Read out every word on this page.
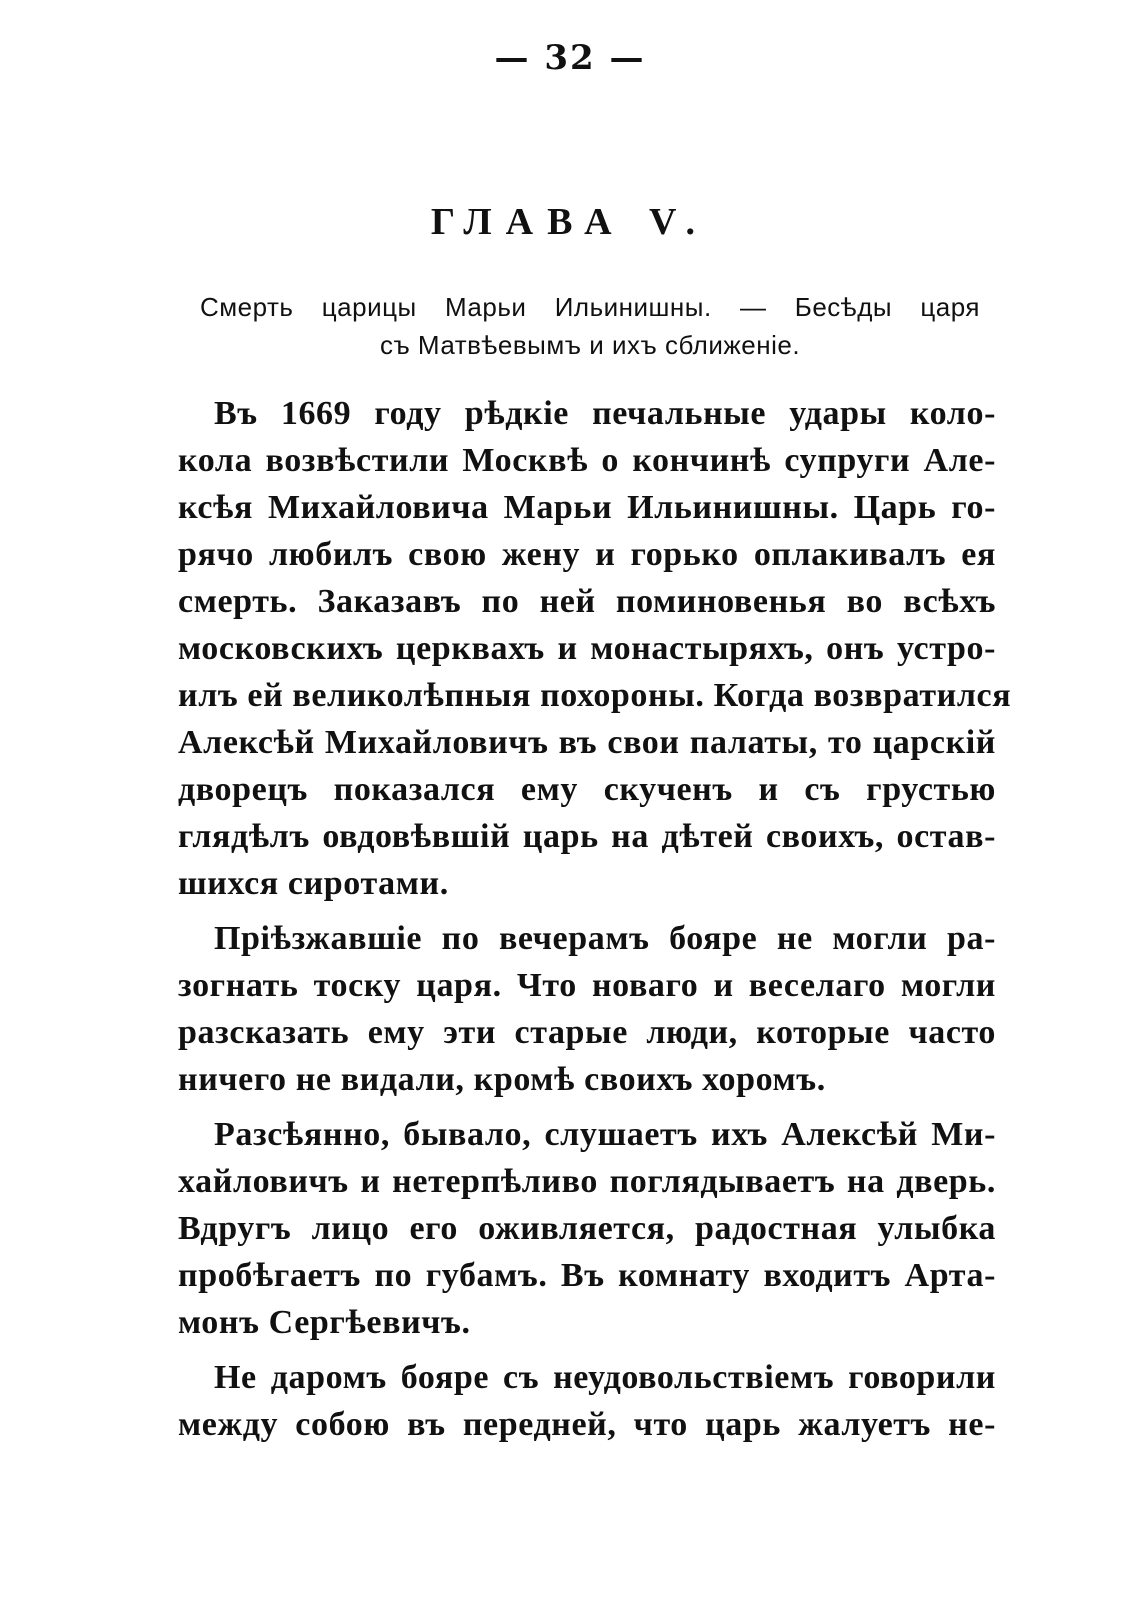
— 32 —
ГЛАВА V.
Смерть царицы Марьи Ильинишны. — Бесѣды царя
съ Матвѣевымъ и ихъ сближеніе.
Въ 1669 году рѣдкіе печальные удары коло-
кола возвѣстили Москвѣ о кончинѣ супруги Але-
ксѣя Михайловича Марьи Ильинишны. Царь го-
рячо любилъ свою жену и горько оплакивалъ ея
смерть. Заказавъ по ней поминовенья во всѣхъ
московскихъ церквахъ и монастыряхъ, онъ устро-
илъ ей великолѣпныя похороны. Когда возвратился
Алексѣй Михайловичъ въ свои палаты, то царскій
дворецъ показался ему скученъ и съ грустью
глядѣлъ овдовѣвшій царь на дѣтей своихъ, остав-
шихся сиротами.
Пріѣзжавшіе по вечерамъ бояре не могли ра-
зогнать тоску царя. Что новаго и веселаго могли
разсказать ему эти старые люди, которые часто
ничего не видали, кромѣ своихъ хоромъ.
Разсѣянно, бывало, слушаетъ ихъ Алексѣй Ми-
хайловичъ и нетерпѣливо поглядываетъ на дверь.
Вдругъ лицо его оживляется, радостная улыбка
пробѣгаетъ по губамъ. Въ комнату входитъ Арта-
монъ Сергѣевичъ.
Не даромъ бояре съ неудовольствіемъ говорили
между собою въ передней, что царь жалуетъ не-
